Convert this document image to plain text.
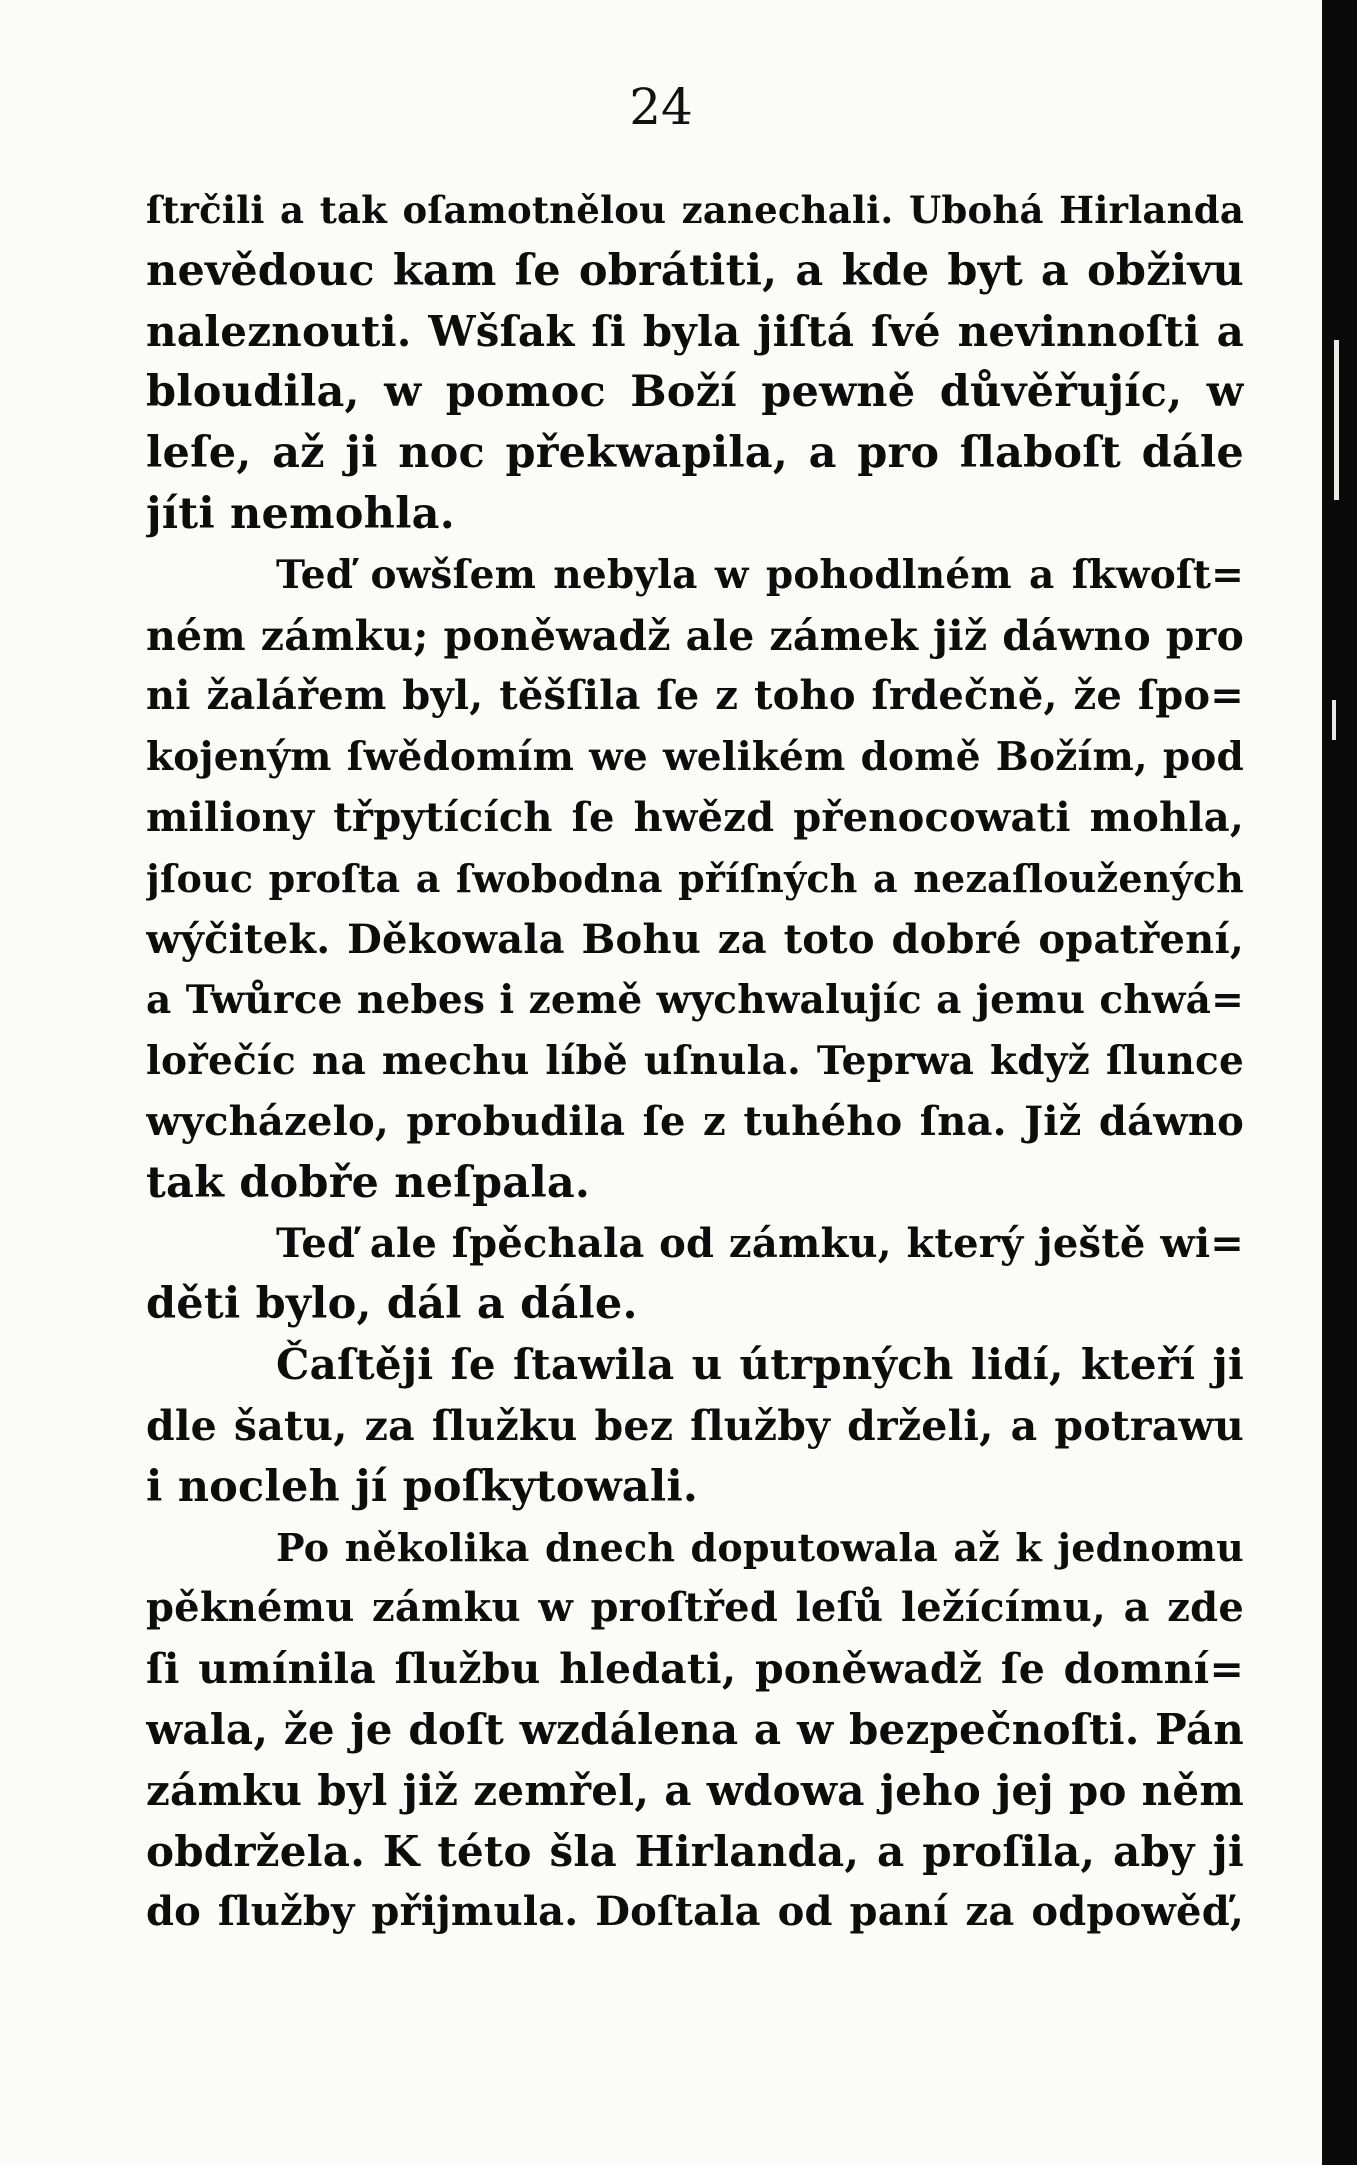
24
ſtrčili a tak oſamotnělou zanechali. Ubohá Hirlanda
nevědouc kam ſe obrátiti, a kde byt a obživu
naleznouti. Wšſak ſi byla jiſtá ſvé nevinnoſti a
bloudila, w pomoc Boží pewně důvěřujíc, w
leſe, až ji noc překwapila, a pro ſlaboſt dále
jíti nemohla.
Teď owšſem nebyla w pohodlném a ſkwoſt=
ném zámku; poněwadž ale zámek již dáwno pro
ni žalářem byl, těšſila ſe z toho ſrdečně, že ſpo=
kojeným ſwědomím we welikém domě Božím, pod
miliony třpytících ſe hwězd přenocowati mohla,
jſouc proſta a ſwobodna příſných a nezaſloužených
wýčitek. Děkowala Bohu za toto dobré opatření,
a Twůrce nebes i země wychwalujíc a jemu chwá=
lořečíc na mechu líbě uſnula. Teprwa když ſlunce
wycházelo, probudila ſe z tuhého ſna. Již dáwno
tak dobře neſpala.
Teď ale ſpěchala od zámku, který ještě wi=
děti bylo, dál a dále.
Čaſtěji ſe ſtawila u útrpných lidí, kteří ji
dle šatu, za ſlužku bez ſlužby drželi, a potrawu
i nocleh jí poſkytowali.
Po několika dnech doputowala až k jednomu
pěknému zámku w proſtřed leſů ležícímu, a zde
ſi umínila ſlužbu hledati, poněwadž ſe domní=
wala, že je doſt wzdálena a w bezpečnoſti. Pán
zámku byl již zemřel, a wdowa jeho jej po něm
obdržela. K této šla Hirlanda, a proſila, aby ji
do ſlužby přijmula. Doſtala od paní za odpowěď,
